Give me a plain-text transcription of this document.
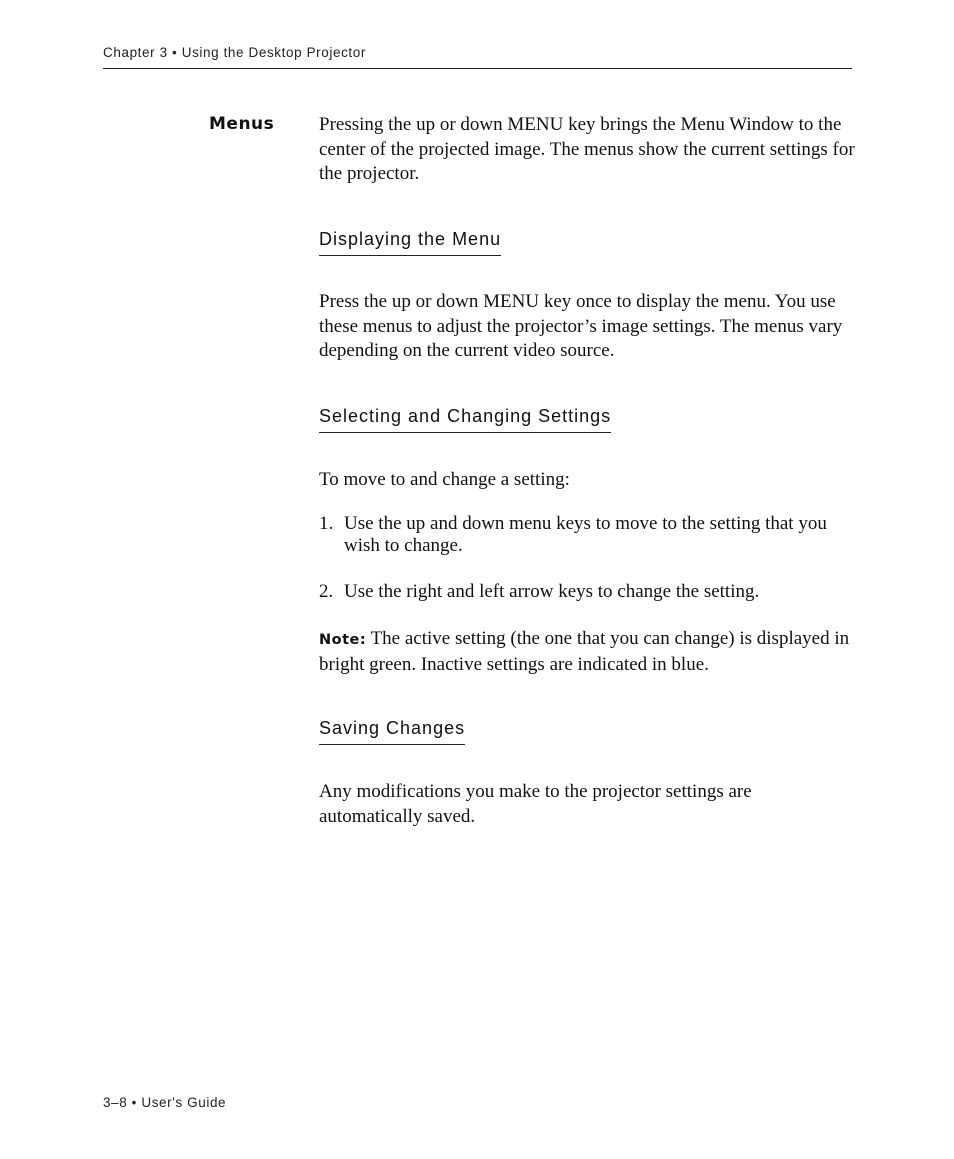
Chapter 3 • Using the Desktop Projector
Menus Pressing the up or down MENU key brings the Menu Window to the center of the projected image. The menus show the current settings for the projector.
Displaying the Menu
Press the up or down MENU key once to display the menu. You use these menus to adjust the projector’s image settings. The menus vary depending on the current video source.
Selecting and Changing Settings
To move to and change a setting:
1. Use the up and down menu keys to move to the setting that you wish to change.
2. Use the right and left arrow keys to change the setting.
Note: The active setting (the one that you can change) is displayed in bright green. Inactive settings are indicated in blue.
Saving Changes
Any modifications you make to the projector settings are automatically saved.
3–8 • User's Guide
